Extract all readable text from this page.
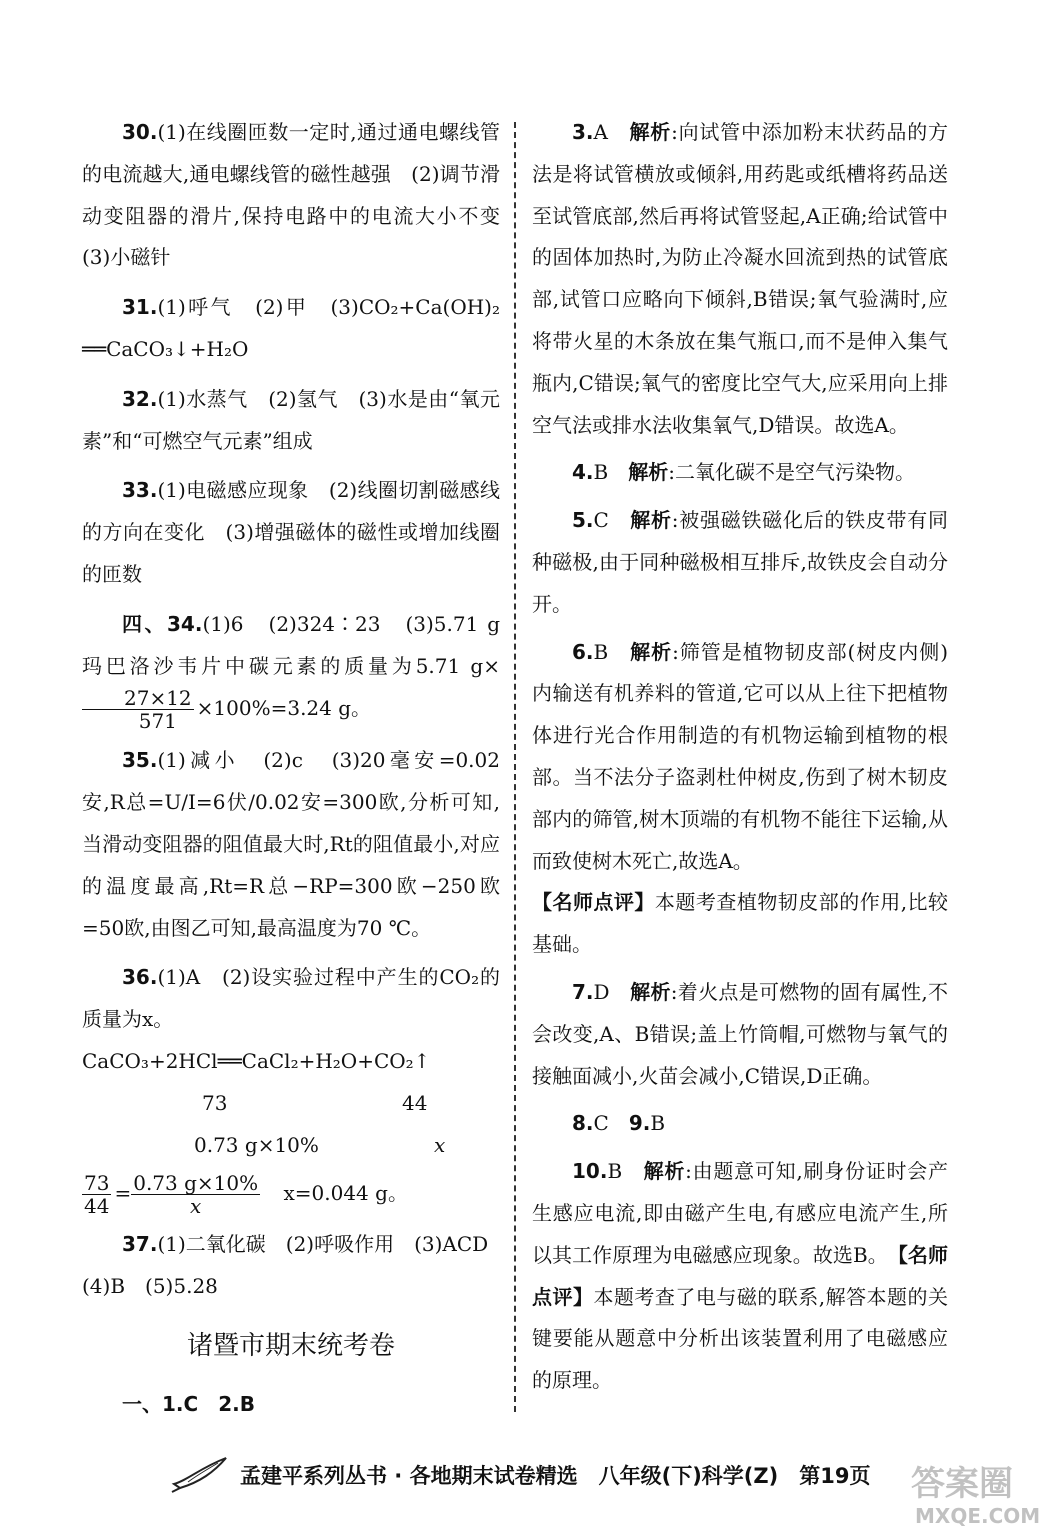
30.(1)在线圈匝数一定时,通过通电螺线管的电流越大,通电螺线管的磁性越强　(2)调节滑动变阻器的滑片,保持电路中的电流大小不变　(3)小磁针
31.(1)呼气　(2)甲　(3)CO₂+Ca(OH)₂ ══CaCO₃↓+H₂O
32.(1)水蒸气　(2)氢气　(3)水是由“氧元素”和“可燃空气元素”组成
33.(1)电磁感应现象　(2)线圈切割磁感线的方向在变化　(3)增强磁体的磁性或增加线圈的匝数
四、34.(1)6　(2)324∶23　(3)5.71 g玛巴洛沙韦片中碳元素的质量为5.71 g×
$\frac{27\times 12}{571} \times 100\%=3.24$ g。
35.(1)减小　(2)c　(3)20毫安=0.02安,R总=U/I=6伏/0.02安=300欧,分析可知,当滑动变阻器的阻值最大时,Rt的阻值最小,对应的温度最高,Rt=R总−RP=300欧−250欧=50欧,由图乙可知,最高温度为70 ℃。
36.(1)A　(2)设实验过程中产生的CO₂的质量为x。
CaCO₃+2HCl══CaCl₂+H₂O+CO₂↑
73	44
0.73 g×10%	x
$\frac{73}{44} = \frac{0.73 g\times 10\%}{x} x=0.044$ g。
37.(1)二氧化碳　(2)呼吸作用　(3)ACD
(4)B　(5)5.28
诸暨市期末统考卷
一、1.C　2.B
3.A　 解析:向试管中添加粉末状药品的方法是将试管横放或倾斜,用药匙或纸槽将药品送至试管底部,然后再将试管竖起,A正确;给试管中的固体加热时,为防止冷凝水回流到热的试管底部,试管口应略向下倾斜,B错误;氧气验满时,应将带火星的木条放在集气瓶口,而不是伸入集气瓶内,C错误;氧气的密度比空气大,应采用向上排空气法或排水法收集氧气,D错误。故选A。
4.B　 解析:二氧化碳不是空气污染物。
5.C　 解析:被强磁铁磁化后的铁皮带有同种磁极,由于同种磁极相互排斥,故铁皮会自动分开。
6.B　 解析:筛管是植物韧皮部(树皮内侧)内输送有机养料的管道,它可以从上往下把植物体进行光合作用制造的有机物运输到植物的根部。当不法分子盗剥杜仲树皮,伤到了树木韧皮部内的筛管,树木顶端的有机物不能往下运输,从而致使树木死亡,故选A。
【名师点评】本题考查植物韧皮部的作用,比较基础。
7.D　 解析:着火点是可燃物的固有属性,不会改变,A、B错误;盖上竹筒帽,可燃物与氧气的接触面减小,火苗会减小,C错误,D正确。
8.C　 9.B
10.B　 解析:由题意可知,刷身份证时会产生感应电流,即由磁产生电,有感应电流产生,所以其工作原理为电磁感应现象。故选B。　 【名师点评】本题考查了电与磁的联系,解答本题的关键要能从题意中分析出该装置利用了电磁感应的原理。
孟建平系列丛书 · 各地期末试卷精选　八年级(下)科学(Z)　第19页 答案圈
MXQE.COM
